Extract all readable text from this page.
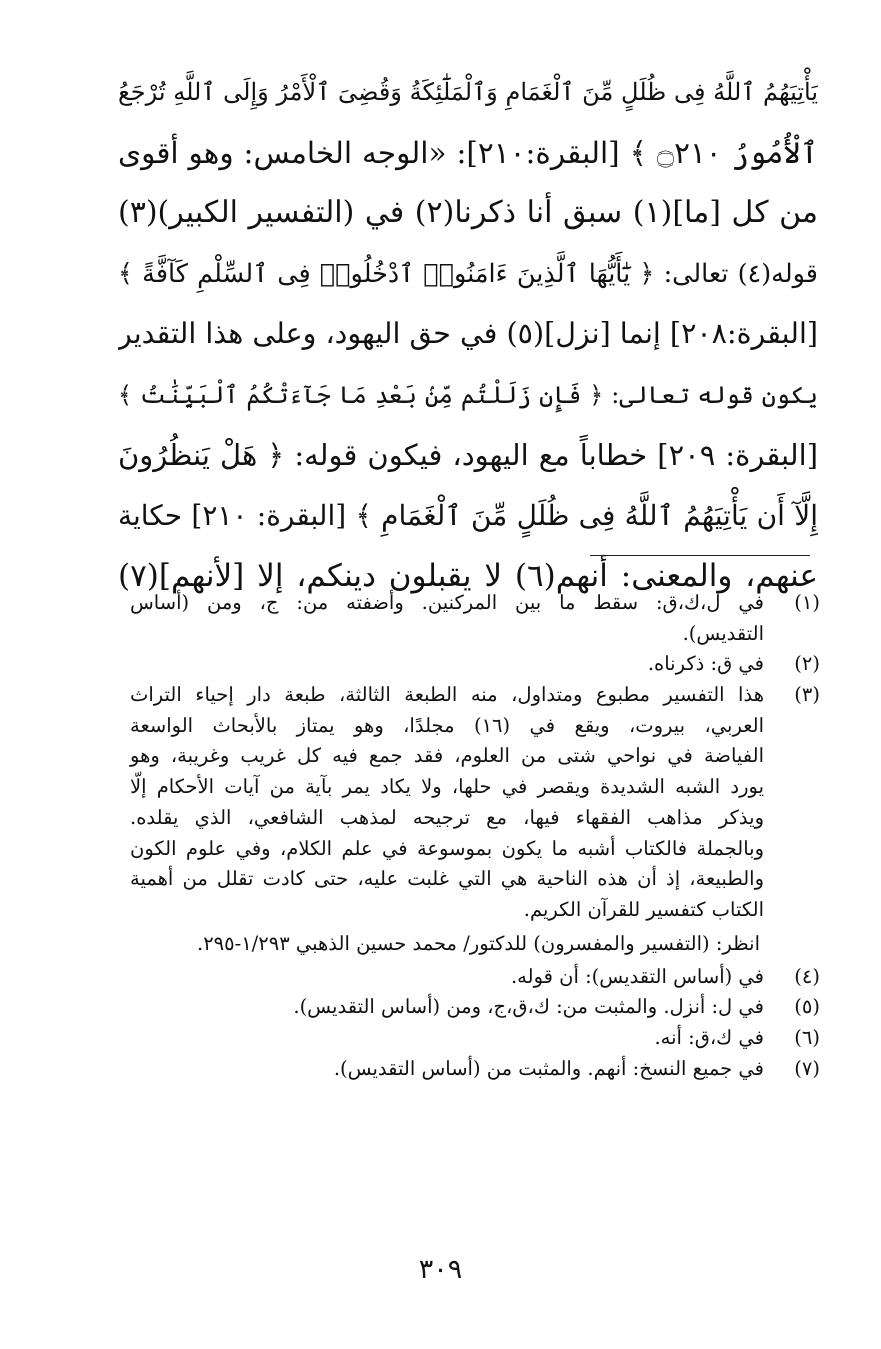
يَأْتِيَهُمُ ٱللَّهُ فِى ظُلَلٍ مِّنَ ٱلْغَمَامِ وَٱلْمَلَٰٓئِكَةُ وَقُضِىَ ٱلْأَمْرُ وَإِلَى ٱللَّهِ تُرْجَعُ
ٱلْأُمُورُ ۝٢١٠ ﴾ [البقرة:٢١٠]: «الوجه الخامس: وهو أقوى
من كل [ما](١) سبق أنا ذكرنا(٢) في (التفسير الكبير)(٣)
قوله(٤) تعالى: ﴿ يَٰٓأَيُّهَا ٱلَّذِينَ ءَامَنُوا۟ ٱدْخُلُوا۟ فِى ٱلسِّلْمِ كَآفَّةً ﴾
[البقرة:٢٠٨] إنما [نزل](٥) في حق اليهود، وعلى هذا التقدير
يكون قوله تعالى: ﴿ فَإِن زَلَلْتُم مِّنۢ بَعْدِ مَا جَآءَتْكُمُ ٱلْبَيِّنَٰتُ ﴾
[البقرة: ٢٠٩] خطاباً مع اليهود، فيكون قوله: ﴿ هَلْ يَنظُرُونَ
إِلَّآ أَن يَأْتِيَهُمُ ٱللَّهُ فِى ظُلَلٍ مِّنَ ٱلْغَمَامِ ﴾ [البقرة: ٢١٠] حكاية
عنهم، والمعنى: أنهم(٦) لا يقبلون دينكم، إلا [لأنهم](٧)
(١)
في ل،ك،ق: سقط ما بين المركنين. وأضفته من: ج، ومن (أساس
التقديس).
(٢)
في ق: ذكرناه.
(٣)
هذا التفسير مطبوع ومتداول، منه الطبعة الثالثة، طبعة دار إحياء التراث
العربي، بيروت، ويقع في (١٦) مجلدًا، وهو يمتاز بالأبحاث الواسعة
الفياضة في نواحي شتى من العلوم، فقد جمع فيه كل غريب وغريبة، وهو
يورد الشبه الشديدة ويقصر في حلها، ولا يكاد يمر بآية من آيات الأحكام إلّا
ويذكر مذاهب الفقهاء فيها، مع ترجيحه لمذهب الشافعي، الذي يقلده.
وبالجملة فالكتاب أشبه ما يكون بموسوعة في علم الكلام، وفي علوم الكون
والطبيعة، إذ أن هذه الناحية هي التي غلبت عليه، حتى كادت تقلل من أهمية
الكتاب كتفسير للقرآن الكريم.
انظر: (التفسير والمفسرون) للدكتور/ محمد حسين الذهبي ١/٢٩٣-٢٩٥.
(٤)
في (أساس التقديس): أن قوله.
(٥)
في ل: أنزل. والمثبت من: ك،ق،ج، ومن (أساس التقديس).
(٦)
في ك،ق: أنه.
(٧)
في جميع النسخ: أنهم. والمثبت من (أساس التقديس).
٣٠٩
